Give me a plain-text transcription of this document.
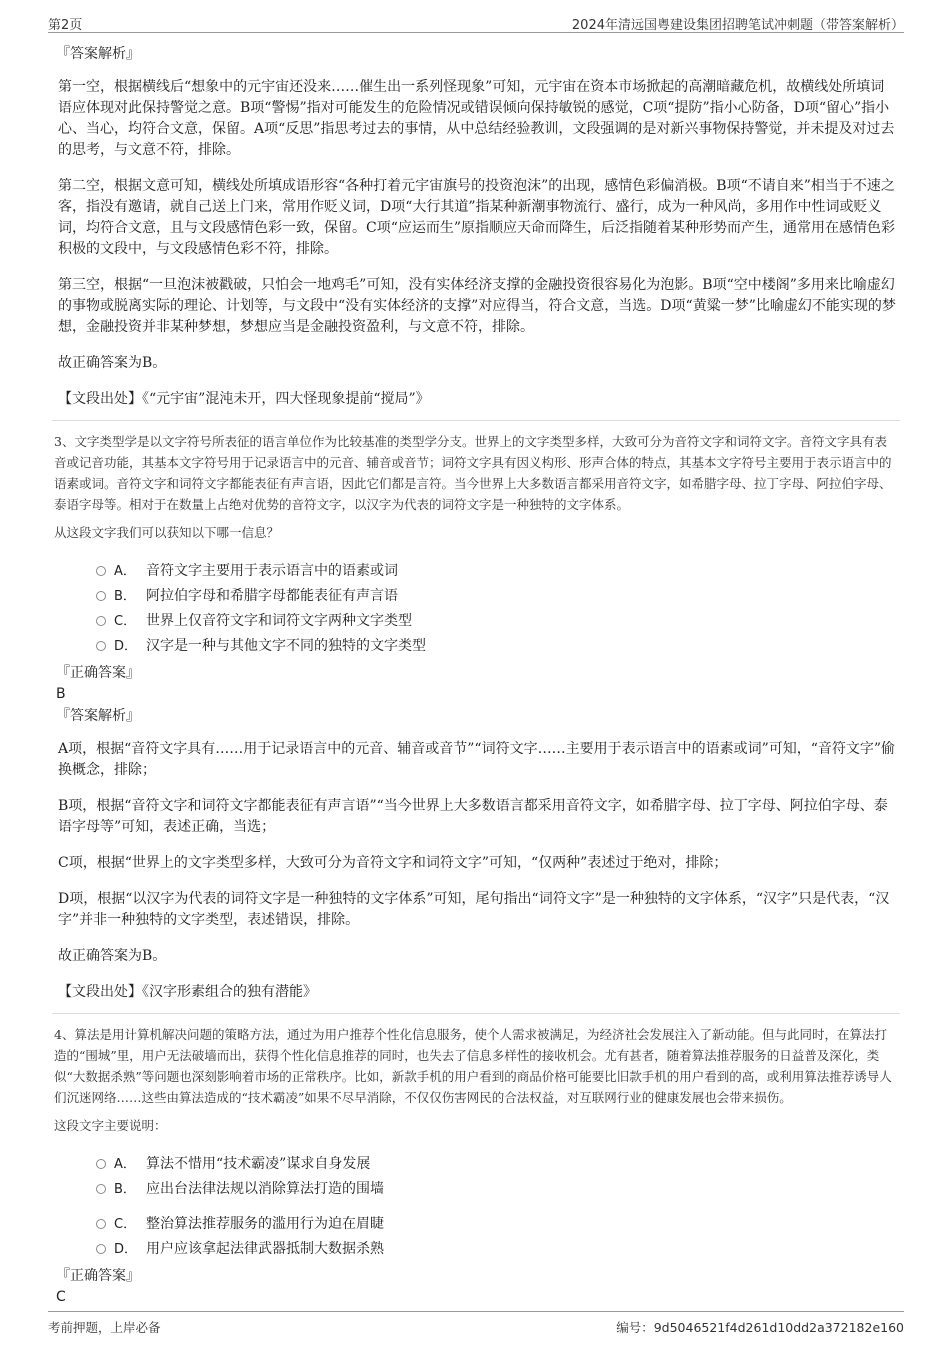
第2页	2024年清远国粤建设集团招聘笔试冲刺题（带答案解析）

『答案解析』

第一空，根据横线后“想象中的元宇宙还没来……催生出一系列怪现象”可知，元宇宙在资本市场掀起的高潮暗藏危机，故横线处所填词语应体现对此保持警觉之意。B项“警惕”指对可能发生的危险情况或错误倾向保持敏锐的感觉，C项“提防”指小心防备，D项“留心”指小心、当心，均符合文意，保留。A项“反思”指思考过去的事情，从中总结经验教训，文段强调的是对新兴事物保持警觉，并未提及对过去的思考，与文意不符，排除。

第二空，根据文意可知，横线处所填成语形容“各种打着元宇宙旗号的投资泡沫”的出现，感情色彩偏消极。B项“不请自来”相当于不速之客，指没有邀请，就自己送上门来，常用作贬义词，D项“大行其道”指某种新潮事物流行、盛行，成为一种风尚，多用作中性词或贬义词，均符合文意，且与文段感情色彩一致，保留。C项“应运而生”原指顺应天命而降生，后泛指随着某种形势而产生，通常用在感情色彩积极的文段中，与文段感情色彩不符，排除。

第三空，根据“一旦泡沫被戳破，只怕会一地鸡毛”可知，没有实体经济支撑的金融投资很容易化为泡影。B项“空中楼阁”多用来比喻虚幻的事物或脱离实际的理论、计划等，与文段中“没有实体经济的支撑”对应得当，符合文意，当选。D项“黄粱一梦”比喻虚幻不能实现的梦想，金融投资并非某种梦想，梦想应当是金融投资盈利，与文意不符，排除。

故正确答案为B。

【文段出处】《“元宇宙”混沌未开，四大怪现象提前“搅局”》

3、文字类型学是以文字符号所表征的语言单位作为比较基准的类型学分支。世界上的文字类型多样，大致可分为音符文字和词符文字。音符文字具有表音或记音功能，其基本文字符号用于记录语言中的元音、辅音或音节；词符文字具有因义构形、形声合体的特点，其基本文字符号主要用于表示语言中的语素或词。音符文字和词符文字都能表征有声言语，因此它们都是言符。当今世界上大多数语言都采用音符文字，如希腊字母、拉丁字母、阿拉伯字母、泰语字母等。相对于在数量上占绝对优势的音符文字，以汉字为代表的词符文字是一种独特的文字体系。

从这段文字我们可以获知以下哪一信息？

A． 音符文字主要用于表示语言中的语素或词
B． 阿拉伯字母和希腊字母都能表征有声言语
C． 世界上仅音符文字和词符文字两种文字类型
D． 汉字是一种与其他文字不同的独特的文字类型

『正确答案』

B

『答案解析』

A项，根据“音符文字具有……用于记录语言中的元音、辅音或音节”“词符文字……主要用于表示语言中的语素或词”可知，“音符文字”偷换概念，排除；

B项，根据“音符文字和词符文字都能表征有声言语”“当今世界上大多数语言都采用音符文字，如希腊字母、拉丁字母、阿拉伯字母、泰语字母等”可知，表述正确，当选；

C项，根据“世界上的文字类型多样，大致可分为音符文字和词符文字”可知，“仅两种”表述过于绝对，排除；

D项，根据“以汉字为代表的词符文字是一种独特的文字体系”可知，尾句指出“词符文字”是一种独特的文字体系，“汉字”只是代表，“汉字”并非一种独特的文字类型，表述错误，排除。

故正确答案为B。

【文段出处】《汉字形素组合的独有潜能》

4、算法是用计算机解决问题的策略方法，通过为用户推荐个性化信息服务，使个人需求被满足，为经济社会发展注入了新动能。但与此同时，在算法打造的“围城”里，用户无法破墙而出，获得个性化信息推荐的同时，也失去了信息多样性的接收机会。尤有甚者，随着算法推荐服务的日益普及深化，类似“大数据杀熟”等问题也深刻影响着市场的正常秩序。比如，新款手机的用户看到的商品价格可能要比旧款手机的用户看到的高，或利用算法推荐诱导人们沉迷网络……这些由算法造成的“技术霸凌”如果不尽早消除，不仅仅伤害网民的合法权益，对互联网行业的健康发展也会带来损伤。

这段文字主要说明：

A． 算法不惜用“技术霸凌”谋求自身发展
B． 应出台法律法规以消除算法打造的围墙
C． 整治算法推荐服务的滥用行为迫在眉睫
D． 用户应该拿起法律武器抵制大数据杀熟

『正确答案』

C

考前押题，上岸必备	编号：9d5046521f4d261d10dd2a372182e160
